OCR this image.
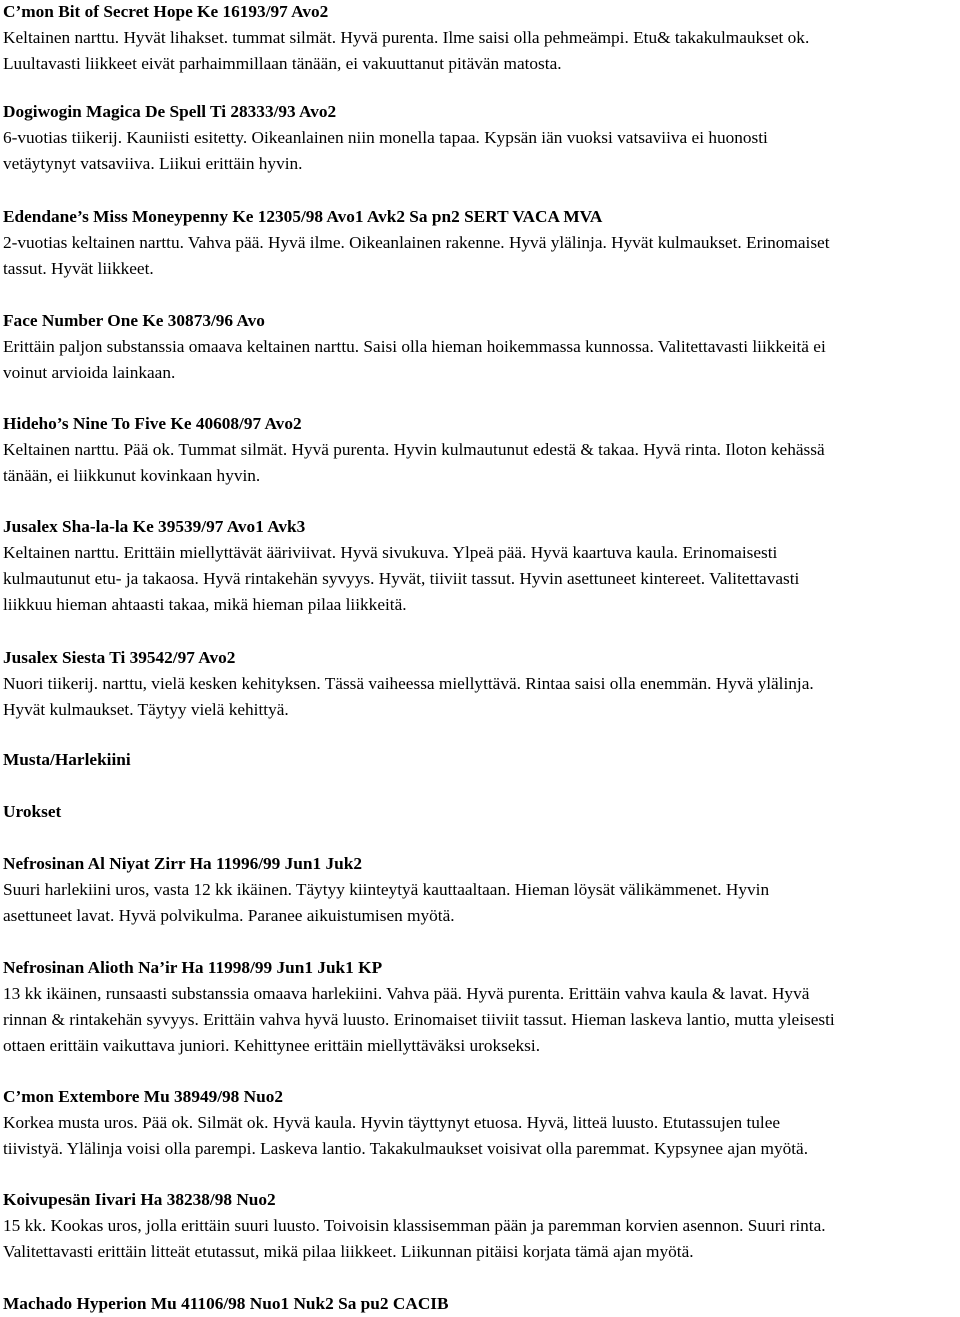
C’mon Bit of Secret Hope Ke 16193/97 Avo2
Keltainen narttu. Hyvät lihakset. tummat silmät. Hyvä purenta. Ilme saisi olla pehmeämpi. Etu& takakulmaukset ok.
Luultavasti liikkeet eivät parhaimmillaan tänään, ei vakuuttanut pitävän matosta.
Dogiwogin Magica De Spell Ti 28333/93 Avo2
6-vuotias tiikerij. Kauniisti esitetty. Oikeanlainen niin monella tapaa. Kypsän iän vuoksi vatsaviiva ei huonosti
vetäytynyt vatsaviiva. Liikui erittäin hyvin.
Edendane’s Miss Moneypenny Ke 12305/98 Avo1 Avk2 Sa pn2 SERT VACA MVA
2-vuotias keltainen narttu. Vahva pää. Hyvä ilme. Oikeanlainen rakenne. Hyvä ylälinja. Hyvät kulmaukset. Erinomaiset
tassut. Hyvät liikkeet.
Face Number One Ke 30873/96 Avo
Erittäin paljon substanssia omaava keltainen narttu. Saisi olla hieman hoikemmassa kunnossa. Valitettavasti liikkeitä ei
voinut arvioida lainkaan.
Hideho’s Nine To Five Ke 40608/97 Avo2
Keltainen narttu. Pää ok. Tummat silmät. Hyvä purenta. Hyvin kulmautunut edestä & takaa. Hyvä rinta. Iloton kehässä
tänään, ei liikkunut kovinkaan hyvin.
Jusalex Sha-la-la Ke 39539/97 Avo1 Avk3
Keltainen narttu. Erittäin miellyttävät ääriviivat. Hyvä sivukuva. Ylpeä pää. Hyvä kaartuva kaula. Erinomaisesti
kulmautunut etu- ja takaosa. Hyvä rintakehän syvyys. Hyvät, tiiviit tassut. Hyvin asettuneet kintereet. Valitettavasti
liikkuu hieman ahtaasti takaa, mikä hieman pilaa liikkeitä.
Jusalex Siesta Ti 39542/97 Avo2
Nuori tiikerij. narttu, vielä kesken kehityksen. Tässä vaiheessa miellyttävä. Rintaa saisi olla enemmän. Hyvä ylälinja.
Hyvät kulmaukset. Täytyy vielä kehittyä.
Musta/Harlekiini
Urokset
Nefrosinan Al Niyat Zirr Ha 11996/99 Jun1 Juk2
Suuri harlekiini uros, vasta 12 kk ikäinen. Täytyy kiinteytyä kauttaaltaan. Hieman löysät välikämmenet. Hyvin
asettuneet lavat. Hyvä polvikulma. Paranee aikuistumisen myötä.
Nefrosinan Alioth Na’ir Ha 11998/99 Jun1 Juk1 KP
13 kk ikäinen, runsaasti substanssia omaava harlekiini. Vahva pää. Hyvä purenta. Erittäin vahva kaula & lavat. Hyvä
rinnan & rintakehän syvyys. Erittäin vahva hyvä luusto. Erinomaiset tiiviit tassut. Hieman laskeva lantio, mutta yleisesti
ottaen erittäin vaikuttava juniori. Kehittynee erittäin miellyttäväksi urokseksi.
C’mon Extembore Mu 38949/98 Nuo2
Korkea musta uros. Pää ok. Silmät ok. Hyvä kaula. Hyvin täyttynyt etuosa. Hyvä, litteä luusto. Etutassujen tulee
tiivistyä. Ylälinja voisi olla parempi. Laskeva lantio. Takakulmaukset voisivat olla paremmat. Kypsynee ajan myötä.
Koivupesän Iivari Ha 38238/98 Nuo2
15 kk. Kookas uros, jolla erittäin suuri luusto. Toivoisin klassisemman pään ja paremman korvien asennon. Suuri rinta.
Valitettavasti erittäin litteät etutassut, mikä pilaa liikkeet. Liikunnan pitäisi korjata tämä ajan myötä.
Machado Hyperion Mu 41106/98 Nuo1 Nuk2 Sa pu2 CACIB
